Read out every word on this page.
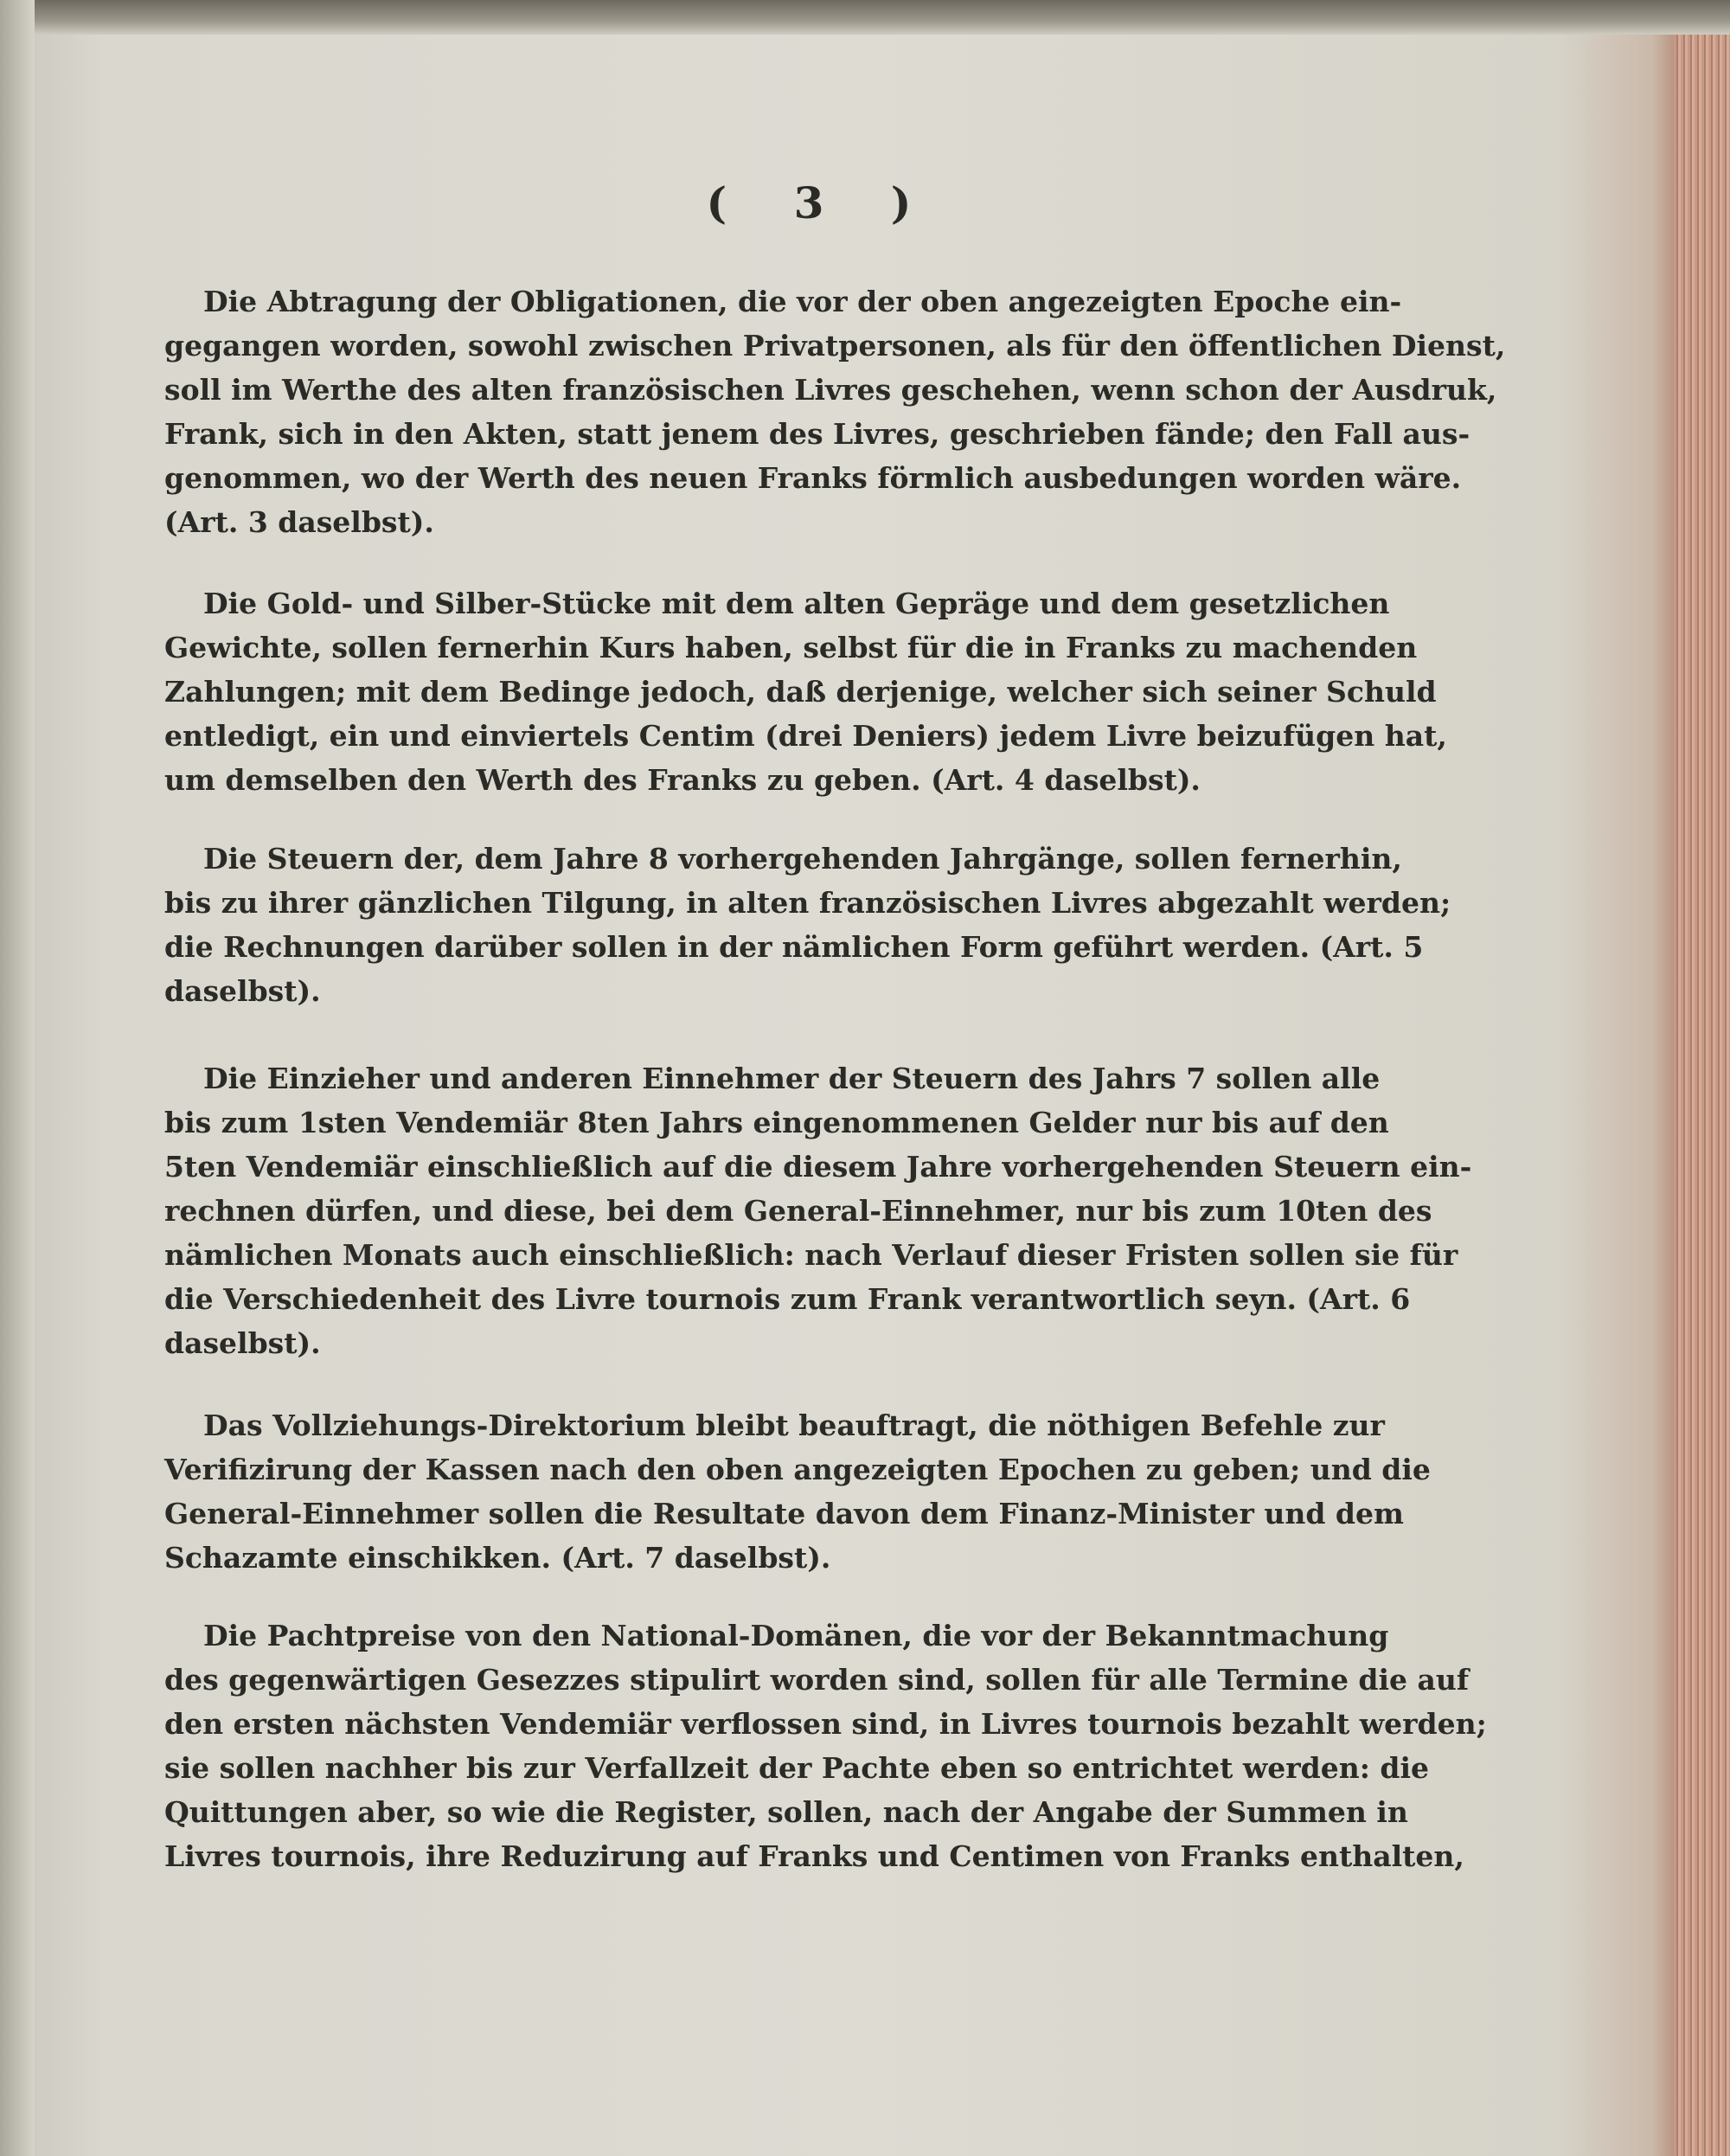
( 3 )
Die Abtragung der Obligationen, die vor der oben angezeigten Epoche ein-
gegangen worden, sowohl zwischen Privatpersonen, als für den öffentlichen Dienst,
soll im Werthe des alten französischen Livres geschehen, wenn schon der Ausdruk,
Frank, sich in den Akten, statt jenem des Livres, geschrieben fände; den Fall aus-
genommen, wo der Werth des neuen Franks förmlich ausbedungen worden wäre.
(Art. 3 daselbst).
Die Gold- und Silber-Stücke mit dem alten Gepräge und dem gesetzlichen
Gewichte, sollen fernerhin Kurs haben, selbst für die in Franks zu machenden
Zahlungen; mit dem Bedinge jedoch, daß derjenige, welcher sich seiner Schuld
entledigt, ein und einviertels Centim (drei Deniers) jedem Livre beizufügen hat,
um demselben den Werth des Franks zu geben. (Art. 4 daselbst).
Die Steuern der, dem Jahre 8 vorhergehenden Jahrgänge, sollen fernerhin,
bis zu ihrer gänzlichen Tilgung, in alten französischen Livres abgezahlt werden;
die Rechnungen darüber sollen in der nämlichen Form geführt werden. (Art. 5
daselbst).
Die Einzieher und anderen Einnehmer der Steuern des Jahrs 7 sollen alle
bis zum 1sten Vendemiär 8ten Jahrs eingenommenen Gelder nur bis auf den
5ten Vendemiär einschließlich auf die diesem Jahre vorhergehenden Steuern ein-
rechnen dürfen, und diese, bei dem General-Einnehmer, nur bis zum 10ten des
nämlichen Monats auch einschließlich: nach Verlauf dieser Fristen sollen sie für
die Verschiedenheit des Livre tournois zum Frank verantwortlich seyn. (Art. 6
daselbst).
Das Vollziehungs-Direktorium bleibt beauftragt, die nöthigen Befehle zur
Verifizirung der Kassen nach den oben angezeigten Epochen zu geben; und die
General-Einnehmer sollen die Resultate davon dem Finanz-Minister und dem
Schazamte einschikken. (Art. 7 daselbst).
Die Pachtpreise von den National-Domänen, die vor der Bekanntmachung
des gegenwärtigen Gesezzes stipulirt worden sind, sollen für alle Termine die auf
den ersten nächsten Vendemiär verflossen sind, in Livres tournois bezahlt werden;
sie sollen nachher bis zur Verfallzeit der Pachte eben so entrichtet werden: die
Quittungen aber, so wie die Register, sollen, nach der Angabe der Summen in
Livres tournois, ihre Reduzirung auf Franks und Centimen von Franks enthalten,
